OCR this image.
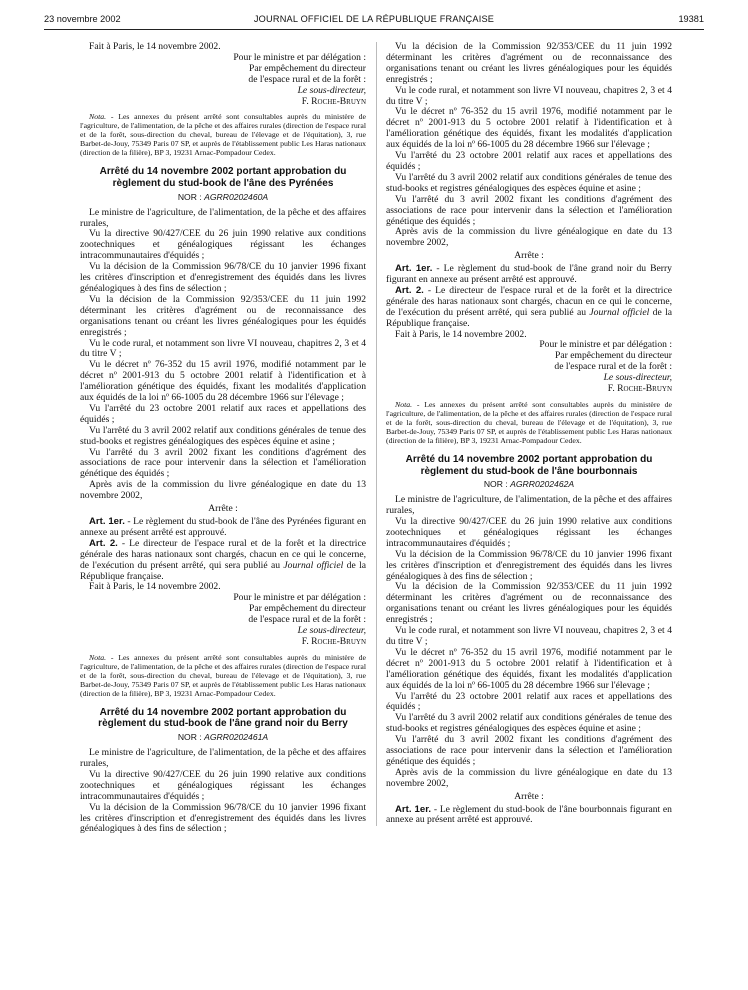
23 novembre 2002	JOURNAL OFFICIEL DE LA RÉPUBLIQUE FRANÇAISE	19381

Fait à Paris, le 14 novembre 2002.

Pour le ministre et par délégation :
Par empêchement du directeur
de l'espace rural et de la forêt :
Le sous-directeur,
F. Roche-Bruyn

Nota. - Les annexes du présent arrêté sont consultables auprès du ministère de l'agriculture, de l'alimentation, de la pêche et des affaires rurales (direction de l'espace rural et de la forêt, sous-direction du cheval, bureau de l'élevage et de l'équitation), 3, rue Barbet-de-Jouy, 75349 Paris 07 SP, et auprès de l'établissement public Les Haras nationaux (direction de la filière), BP 3, 19231 Arnac-Pompadour Cedex.

Arrêté du 14 novembre 2002 portant approbation du règlement du stud-book de l'âne des Pyrénées
NOR : AGRR0202460A

Le ministre de l'agriculture, de l'alimentation, de la pêche et des affaires rurales,

Vu la directive 90/427/CEE du 26 juin 1990 relative aux conditions zootechniques et généalogiques régissant les échanges intracommunautaires d'équidés ;

Vu la décision de la Commission 96/78/CE du 10 janvier 1996 fixant les critères d'inscription et d'enregistrement des équidés dans les livres généalogiques à des fins de sélection ;

Vu la décision de la Commission 92/353/CEE du 11 juin 1992 déterminant les critères d'agrément ou de reconnaissance des organisations tenant ou créant les livres généalogiques pour les équidés enregistrés ;

Vu le code rural, et notamment son livre VI nouveau, chapitres 2, 3 et 4 du titre V ;

Vu le décret nº 76-352 du 15 avril 1976, modifié notamment par le décret nº 2001-913 du 5 octobre 2001 relatif à l'identification et à l'amélioration génétique des équidés, fixant les modalités d'application aux équidés de la loi nº 66-1005 du 28 décembre 1966 sur l'élevage ;

Vu l'arrêté du 23 octobre 2001 relatif aux races et appellations des équidés ;

Vu l'arrêté du 3 avril 2002 relatif aux conditions générales de tenue des stud-books et registres généalogiques des espèces équine et asine ;

Vu l'arrêté du 3 avril 2002 fixant les conditions d'agrément des associations de race pour intervenir dans la sélection et l'amélioration génétique des équidés ;

Après avis de la commission du livre généalogique en date du 13 novembre 2002,

Arrête :

Art. 1er. - Le règlement du stud-book de l'âne des Pyrénées figurant en annexe au présent arrêté est approuvé.

Art. 2. - Le directeur de l'espace rural et de la forêt et la directrice générale des haras nationaux sont chargés, chacun en ce qui le concerne, de l'exécution du présent arrêté, qui sera publié au Journal officiel de la République française.

Fait à Paris, le 14 novembre 2002.

Pour le ministre et par délégation :
Par empêchement du directeur
de l'espace rural et de la forêt :
Le sous-directeur,
F. Roche-Bruyn

Nota. - Les annexes du présent arrêté sont consultables auprès du ministère de l'agriculture, de l'alimentation, de la pêche et des affaires rurales (direction de l'espace rural et de la forêt, sous-direction du cheval, bureau de l'élevage et de l'équitation), 3, rue Barbet-de-Jouy, 75349 Paris 07 SP, et auprès de l'établissement public Les Haras nationaux (direction de la filière), BP 3, 19231 Arnac-Pompadour Cedex.

Arrêté du 14 novembre 2002 portant approbation du règlement du stud-book de l'âne grand noir du Berry
NOR : AGRR0202461A

Le ministre de l'agriculture, de l'alimentation, de la pêche et des affaires rurales,

Vu la directive 90/427/CEE du 26 juin 1990 relative aux conditions zootechniques et généalogiques régissant les échanges intracommunautaires d'équidés ;

Vu la décision de la Commission 96/78/CE du 10 janvier 1996 fixant les critères d'inscription et d'enregistrement des équidés dans les livres généalogiques à des fins de sélection ;

Vu la décision de la Commission 92/353/CEE du 11 juin 1992 déterminant les critères d'agrément ou de reconnaissance des organisations tenant ou créant les livres généalogiques pour les équidés enregistrés ;

Vu le code rural, et notamment son livre VI nouveau, chapitres 2, 3 et 4 du titre V ;

Vu le décret nº 76-352 du 15 avril 1976, modifié notamment par le décret nº 2001-913 du 5 octobre 2001 relatif à l'identification et à l'amélioration génétique des équidés, fixant les modalités d'application aux équidés de la loi nº 66-1005 du 28 décembre 1966 sur l'élevage ;

Vu l'arrêté du 23 octobre 2001 relatif aux races et appellations des équidés ;

Vu l'arrêté du 3 avril 2002 relatif aux conditions générales de tenue des stud-books et registres généalogiques des espèces équine et asine ;

Vu l'arrêté du 3 avril 2002 fixant les conditions d'agrément des associations de race pour intervenir dans la sélection et l'amélioration génétique des équidés ;

Après avis de la commission du livre généalogique en date du 13 novembre 2002,

Arrête :

Art. 1er. - Le règlement du stud-book de l'âne grand noir du Berry figurant en annexe au présent arrêté est approuvé.

Art. 2. - Le directeur de l'espace rural et de la forêt et la directrice générale des haras nationaux sont chargés, chacun en ce qui le concerne, de l'exécution du présent arrêté, qui sera publié au Journal officiel de la République française.

Fait à Paris, le 14 novembre 2002.

Pour le ministre et par délégation :
Par empêchement du directeur
de l'espace rural et de la forêt :
Le sous-directeur,
F. Roche-Bruyn

Nota. - Les annexes du présent arrêté sont consultables auprès du ministère de l'agriculture, de l'alimentation, de la pêche et des affaires rurales (direction de l'espace rural et de la forêt, sous-direction du cheval, bureau de l'élevage et de l'équitation), 3, rue Barbet-de-Jouy, 75349 Paris 07 SP, et auprès de l'établissement public Les Haras nationaux (direction de la filière), BP 3, 19231 Arnac-Pompadour Cedex.

Arrêté du 14 novembre 2002 portant approbation du règlement du stud-book de l'âne bourbonnais
NOR : AGRR0202462A

Le ministre de l'agriculture, de l'alimentation, de la pêche et des affaires rurales,

Vu la directive 90/427/CEE du 26 juin 1990 relative aux conditions zootechniques et généalogiques régissant les échanges intracommunautaires d'équidés ;

Vu la décision de la Commission 96/78/CE du 10 janvier 1996 fixant les critères d'inscription et d'enregistrement des équidés dans les livres généalogiques à des fins de sélection ;

Vu la décision de la Commission 92/353/CEE du 11 juin 1992 déterminant les critères d'agrément ou de reconnaissance des organisations tenant ou créant les livres généalogiques pour les équidés enregistrés ;

Vu le code rural, et notamment son livre VI nouveau, chapitres 2, 3 et 4 du titre V ;

Vu le décret nº 76-352 du 15 avril 1976, modifié notamment par le décret nº 2001-913 du 5 octobre 2001 relatif à l'identification et à l'amélioration génétique des équidés, fixant les modalités d'application aux équidés de la loi nº 66-1005 du 28 décembre 1966 sur l'élevage ;

Vu l'arrêté du 23 octobre 2001 relatif aux races et appellations des équidés ;

Vu l'arrêté du 3 avril 2002 relatif aux conditions générales de tenue des stud-books et registres généalogiques des espèces équine et asine ;

Vu l'arrêté du 3 avril 2002 fixant les conditions d'agrément des associations de race pour intervenir dans la sélection et l'amélioration génétique des équidés ;

Après avis de la commission du livre généalogique en date du 13 novembre 2002,

Arrête :

Art. 1er. - Le règlement du stud-book de l'âne bourbonnais figurant en annexe au présent arrêté est approuvé.
